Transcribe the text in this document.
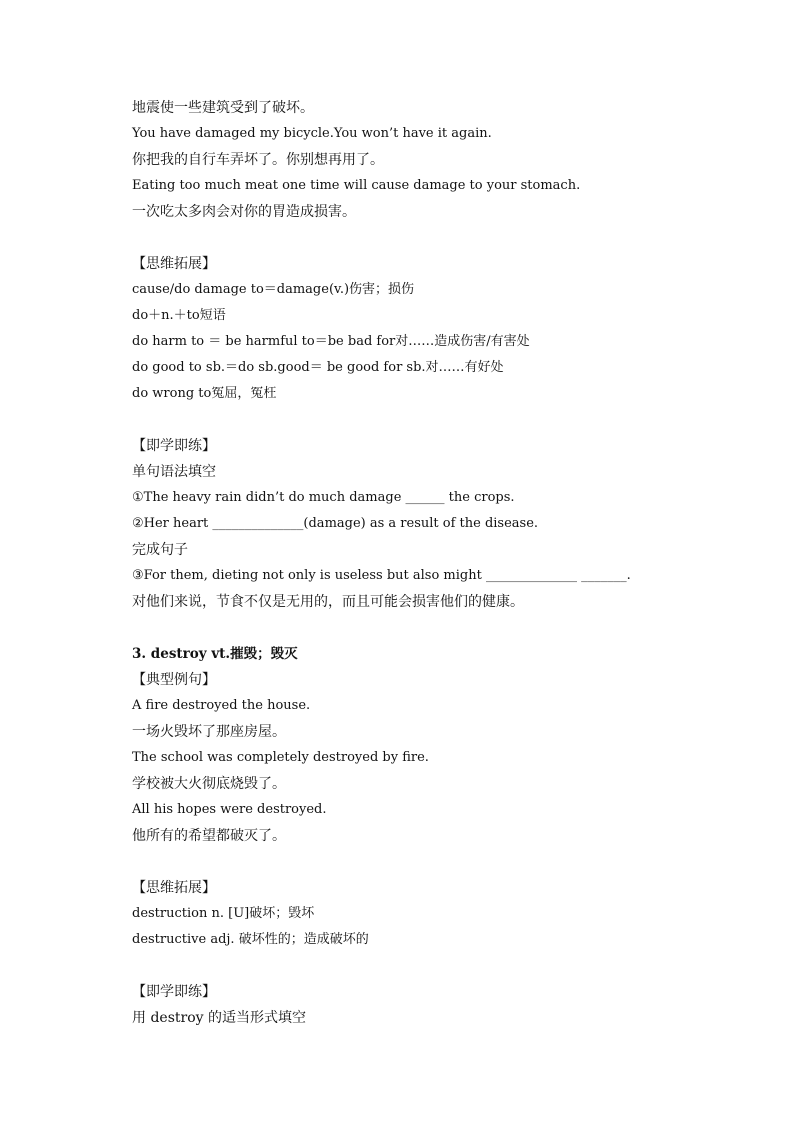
地震使一些建筑受到了破坏。
You have damaged my bicycle.You won’t have it again.
你把我的自行车弄坏了。你别想再用了。
Eating too much meat one time will cause damage to your stomach.
一次吃太多肉会对你的胃造成损害。
【思维拓展】
cause/do damage to＝damage(v.)伤害；损伤
do＋n.＋to短语
do harm to ＝ be harmful to＝be bad for对……造成伤害/有害处
do good to sb.＝do sb.good＝ be good for sb.对……有好处
do wrong to冤屈，冤枉
【即学即练】
单句语法填空
①The heavy rain didn’t do much damage ______ the crops.
②Her heart ______________(damage) as a result of the disease.
完成句子
③For them, dieting not only is useless but also might ______________ _______.
对他们来说，节食不仅是无用的，而且可能会损害他们的健康。
3. destroy vt.摧毁；毁灭
【典型例句】
A fire destroyed the house.
一场火毁坏了那座房屋。
The school was completely destroyed by fire.
学校被大火彻底烧毁了。
All his hopes were destroyed.
他所有的希望都破灭了。
【思维拓展】
destruction n. [U]破坏；毁坏
destructive adj. 破坏性的；造成破坏的
【即学即练】
用 destroy 的适当形式填空
